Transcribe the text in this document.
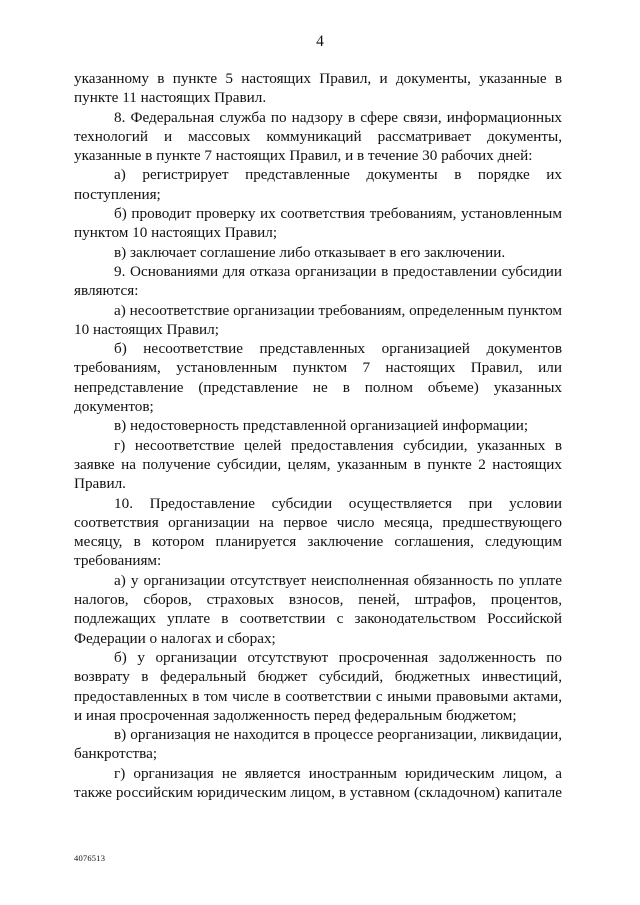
4

указанному в пункте 5 настоящих Правил, и документы, указанные в пункте 11 настоящих Правил.

8. Федеральная служба по надзору в сфере связи, информационных технологий и массовых коммуникаций рассматривает документы, указанные в пункте 7 настоящих Правил, и в течение 30 рабочих дней:

а) регистрирует представленные документы в порядке их поступления;

б) проводит проверку их соответствия требованиям, установленным пунктом 10 настоящих Правил;

в) заключает соглашение либо отказывает в его заключении.

9. Основаниями для отказа организации в предоставлении субсидии являются:

а) несоответствие организации требованиям, определенным пунктом 10 настоящих Правил;

б) несоответствие представленных организацией документов требованиям, установленным пунктом 7 настоящих Правил, или непредставление (представление не в полном объеме) указанных документов;

в) недостоверность представленной организацией информации;

г) несоответствие целей предоставления субсидии, указанных в заявке на получение субсидии, целям, указанным в пункте 2 настоящих Правил.

10. Предоставление субсидии осуществляется при условии соответствия организации на первое число месяца, предшествующего месяцу, в котором планируется заключение соглашения, следующим требованиям:

а) у организации отсутствует неисполненная обязанность по уплате налогов, сборов, страховых взносов, пеней, штрафов, процентов, подлежащих уплате в соответствии с законодательством Российской Федерации о налогах и сборах;

б) у организации отсутствуют просроченная задолженность по возврату в федеральный бюджет субсидий, бюджетных инвестиций, предоставленных в том числе в соответствии с иными правовыми актами, и иная просроченная задолженность перед федеральным бюджетом;

в) организация не находится в процессе реорганизации, ликвидации, банкротства;

г) организация не является иностранным юридическим лицом, а также российским юридическим лицом, в уставном (складочном) капитале

4076513
